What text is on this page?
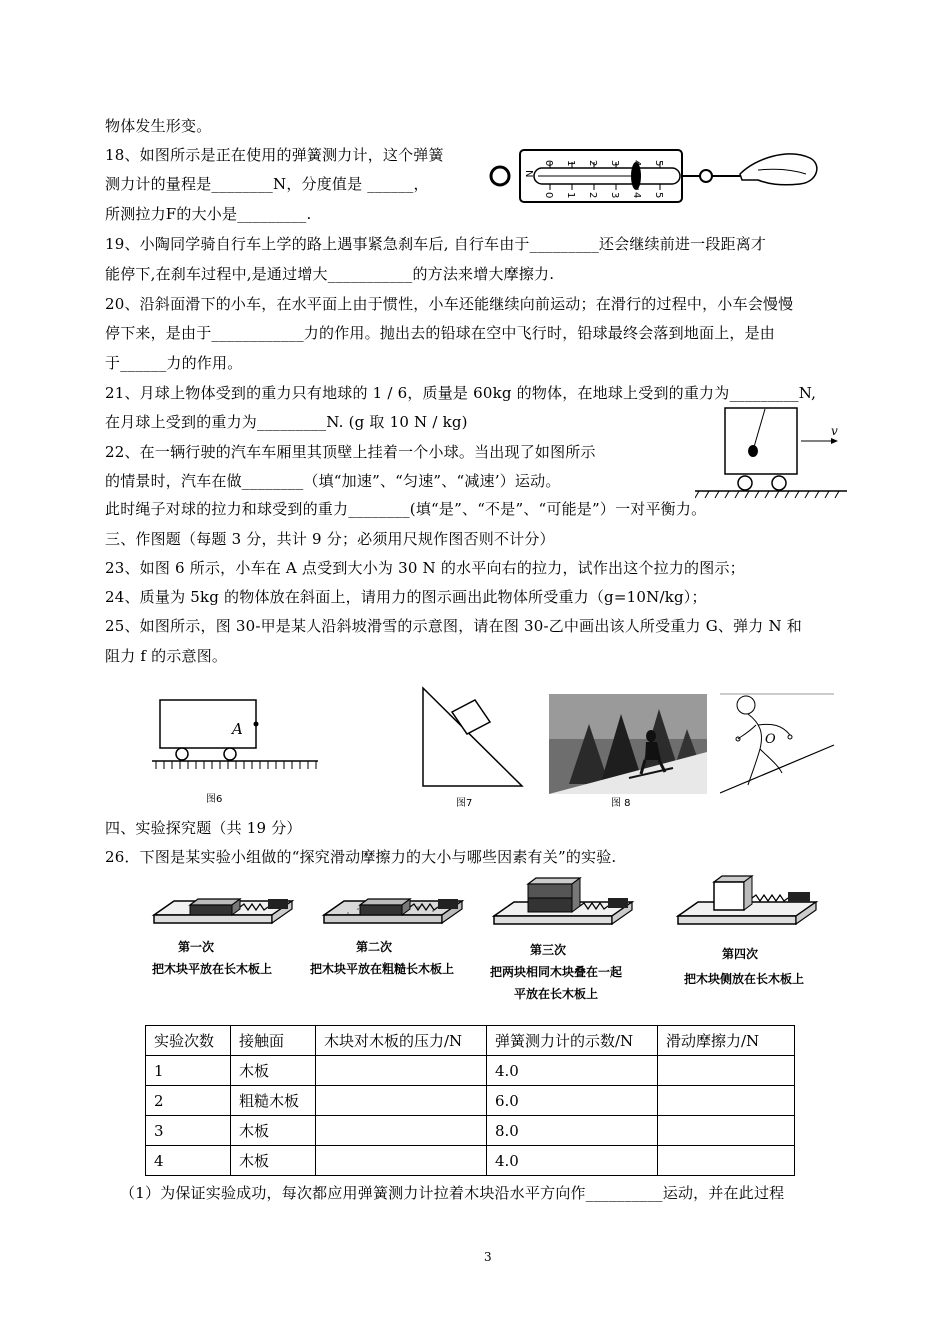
物体发生形变。
18、如图所示是正在使用的弹簧测力计，这个弹簧
测力计的量程是________N，分度值是 ______，
所测拉力F的大小是_________.
19、小陶同学骑自行车上学的路上遇事紧急刹车后, 自行车由于_________还会继续前进一段距离才
能停下,在刹车过程中,是通过增大___________的方法来增大摩擦力.
20、沿斜面滑下的小车，在水平面上由于惯性，小车还能继续向前运动；在滑行的过程中，小车会慢慢
停下来，是由于____________力的作用。抛出去的铅球在空中飞行时，铅球最终会落到地面上，是由
于______力的作用。
21、月球上物体受到的重力只有地球的 1 / 6，质量是 60kg 的物体，在地球上受到的重力为_________N,
在月球上受到的重力为_________N. (g 取 10 N / kg)
22、在一辆行驶的汽车车厢里其顶壁上挂着一个小球。当出现了如图所示
的情景时，汽车在做________（填“加速”、“匀速”、“减速’）运动。
此时绳子对球的拉力和球受到的重力________(填“是”、“不是”、“可能是”）一对平衡力。
三、作图题（每题 3 分，共计 9 分；必须用尺规作图否则不计分）
23、如图 6 所示，小车在 A 点受到大小为 30 N 的水平向右的拉力，试作出这个拉力的图示；
24、质量为 5kg 的物体放在斜面上，请用力的图示画出此物体所受重力（g=10N/kg）；
25、如图所示，图 30-甲是某人沿斜坡滑雪的示意图，请在图 30-乙中画出该人所受重力 G、弹力 N 和
阻力 f 的示意图。
四、实验探究题（共 19 分）
26．下图是某实验小组做的“探究滑动摩擦力的大小与哪些因素有关”的实验.
（1）为保证实验成功，每次都应用弹簧测力计拉着木块沿水平方向作__________运动，并在此过程
0 1 2 3 4 5
0 1 2 3 4 5
N
v
A
图6	图7	图 8
O
第一次
把木块平放在长木板上
第二次
把木块平放在粗糙长木板上
第三次
把两块相同木块叠在一起
平放在长木板上
第四次
把木块侧放在长木板上
实验次数	接触面	木块对木板的压力/N	弹簧测力计的示数/N	滑动摩擦力/N
1	木板		4.0	
2	粗糙木板		6.0	
3	木板		8.0	
4	木板		4.0	
3
